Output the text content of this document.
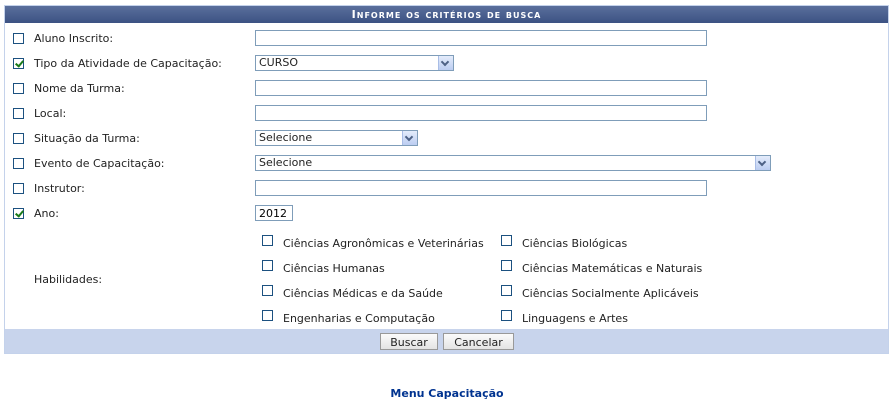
Informe os critérios de busca
Aluno Inscrito:
Tipo da Atividade de Capacitação:	CURSO
Nome da Turma:
Local:
Situação da Turma:	Selecione
Evento de Capacitação:	Selecione
Instrutor:
Ano:
2012
Habilidades:
Ciências Agronômicas e Veterinárias	Ciências Biológicas
Ciências Humanas	Ciências Matemáticas e Naturais
Ciências Médicas e da Saúde	Ciências Socialmente Aplicáveis
Engenharias e Computação	Linguagens e Artes
Buscar	Cancelar
Menu Capacitação
